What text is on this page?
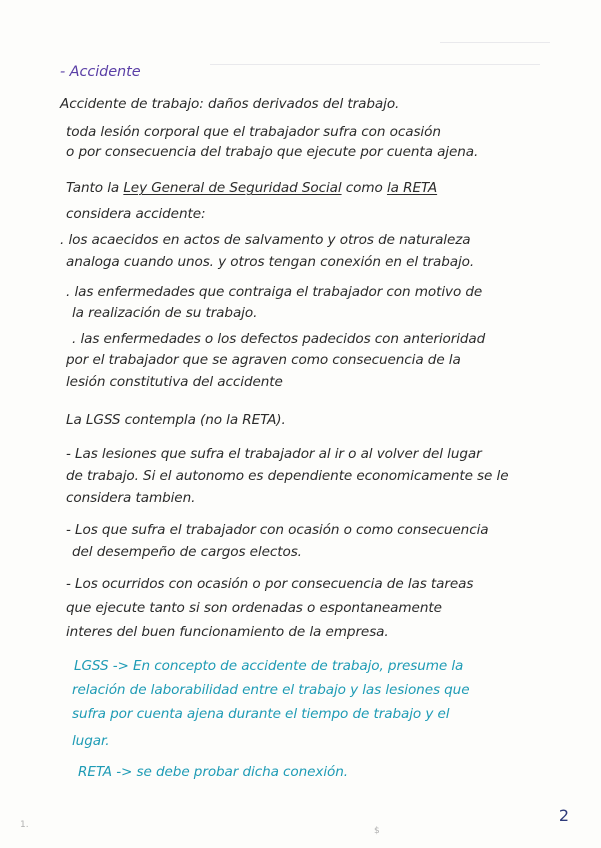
1.
$
- Accidente
Accidente de trabajo: daños derivados del trabajo.
toda lesión corporal que el trabajador sufra con ocasión
o por consecuencia del trabajo que ejecute por cuenta ajena.
Tanto la Ley General de Seguridad Social como la RETA
considera accidente:
. los acaecidos en actos de salvamento y otros de naturaleza
analoga cuando unos. y otros tengan conexión en el trabajo.
. las enfermedades que contraiga el trabajador con motivo de
la realización de su trabajo.
. las enfermedades o los defectos padecidos con anterioridad
por el trabajador que se agraven como consecuencia de la
lesión constitutiva del accidente
La LGSS contempla (no la RETA).
- Las lesiones que sufra el trabajador al ir o al volver del lugar
de trabajo. Si el autonomo es dependiente economicamente se le
considera tambien.
- Los que sufra el trabajador con ocasión o como consecuencia
del desempeño de cargos electos.
- Los ocurridos con ocasión o por consecuencia de las tareas
que ejecute tanto si son ordenadas o espontaneamente
interes del buen funcionamiento de la empresa.
LGSS -> En concepto de accidente de trabajo, presume la
relación de laborabilidad entre el trabajo y las lesiones que
sufra por cuenta ajena durante el tiempo de trabajo y el
lugar.
RETA -> se debe probar dicha conexión.
2
